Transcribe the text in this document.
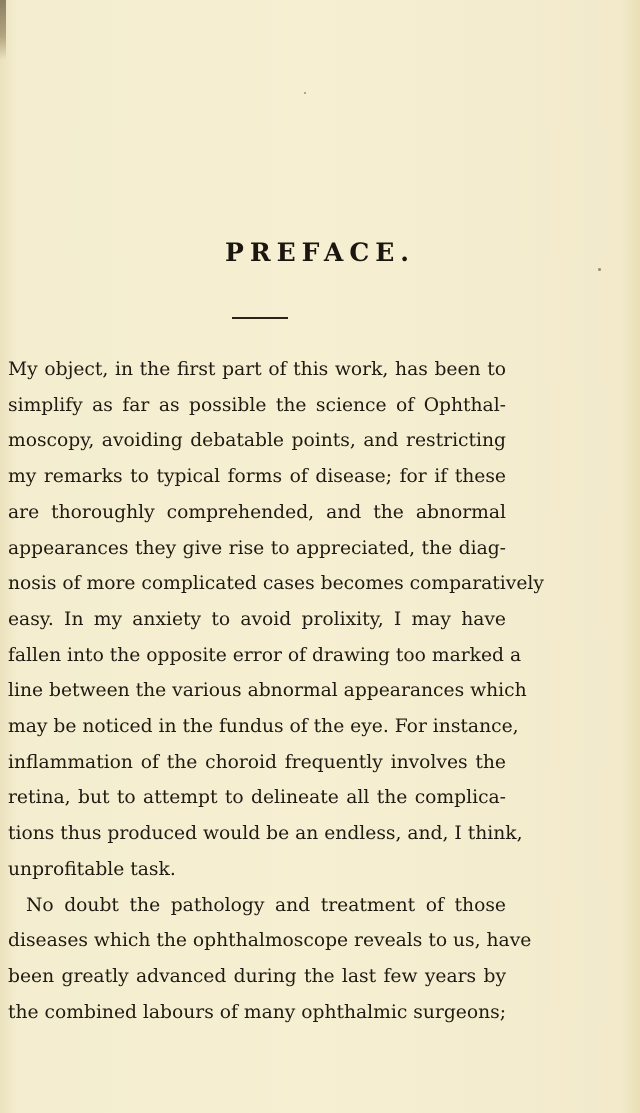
PREFACE.
My object, in the first part of this work, has been to
simplify as far as possible the science of Ophthal-
moscopy, avoiding debatable points, and restricting
my remarks to typical forms of disease; for if these
are thoroughly comprehended, and the abnormal
appearances they give rise to appreciated, the diag-
nosis of more complicated cases becomes comparatively
easy. In my anxiety to avoid prolixity, I may have
fallen into the opposite error of drawing too marked a
line between the various abnormal appearances which
may be noticed in the fundus of the eye. For instance,
inflammation of the choroid frequently involves the
retina, but to attempt to delineate all the complica-
tions thus produced would be an endless, and, I think,
unprofitable task.
No doubt the pathology and treatment of those
diseases which the ophthalmoscope reveals to us, have
been greatly advanced during the last few years by
the combined labours of many ophthalmic surgeons;
